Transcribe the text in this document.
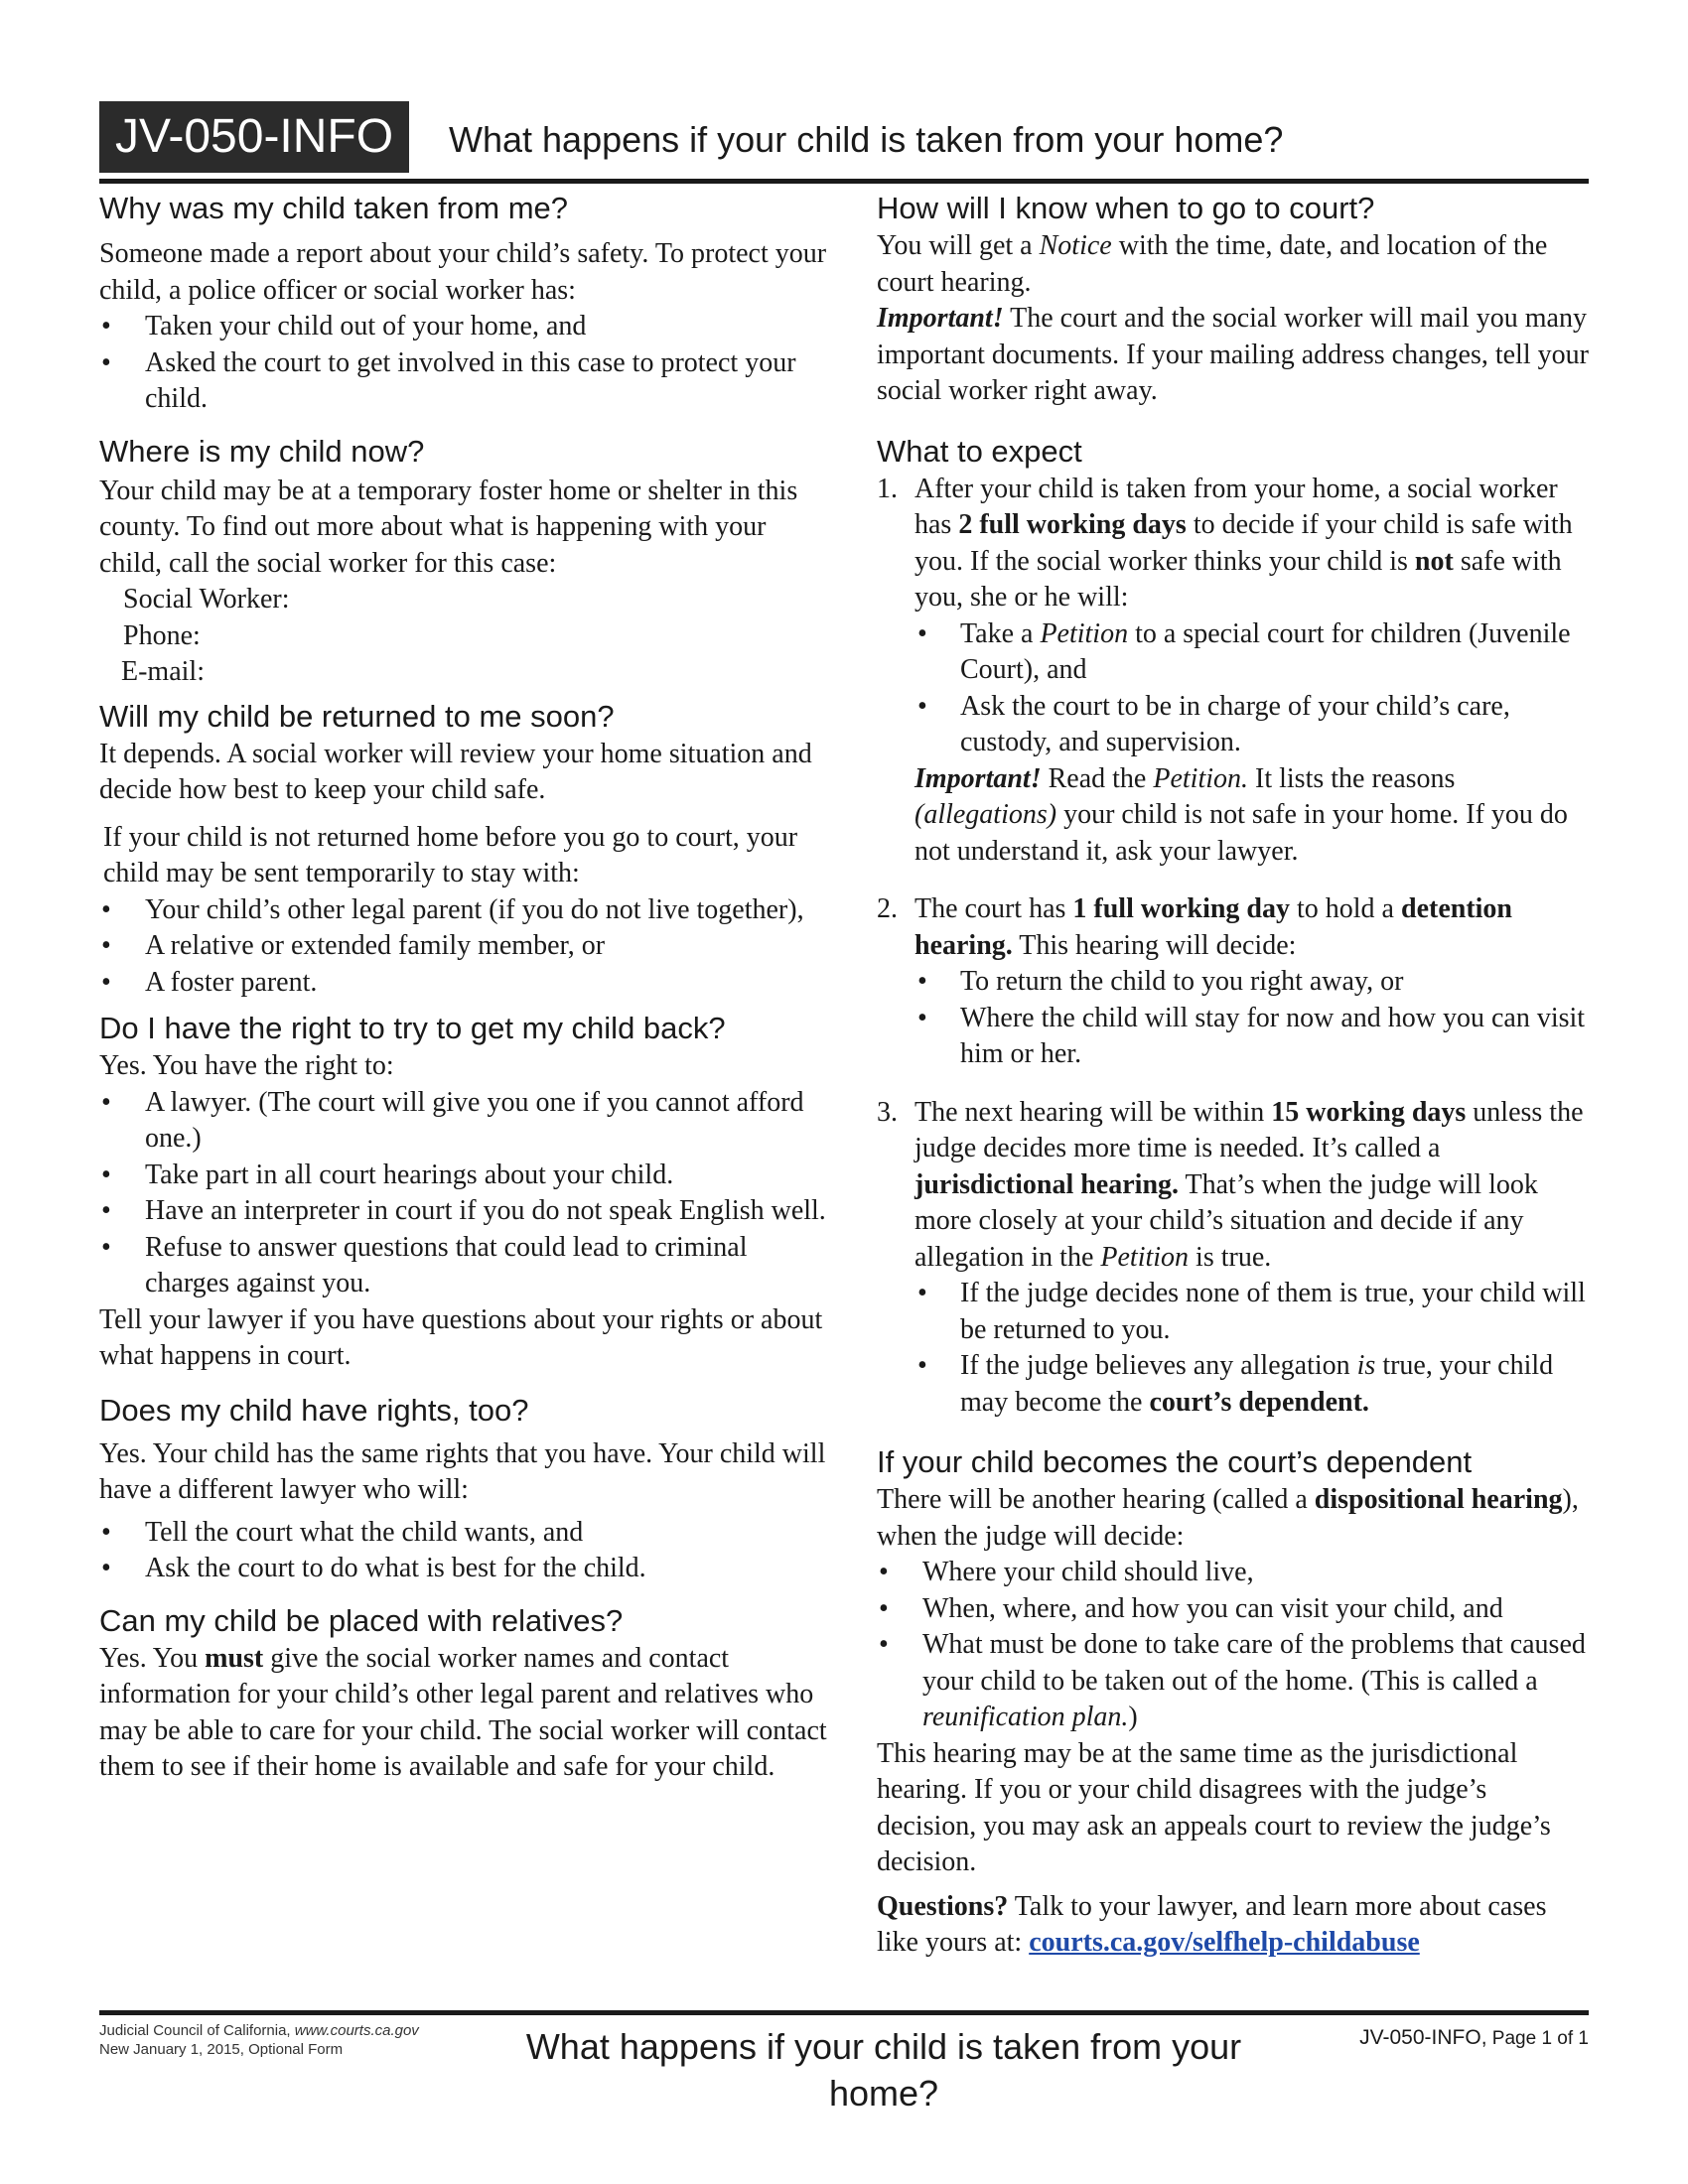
JV-050-INFO	What happens if your child is taken from your home?
Why was my child taken from me?

Someone made a report about your child’s safety. To protect your child, a police officer or social worker has:

• Taken your child out of your home, and
• Asked the court to get involved in this case to protect your child.
Where is my child now?

Your child may be at a temporary foster home or shelter in this county. To find out more about what is happening with your child, call the social worker for this case:

Social Worker:
Phone:
E-mail:
Will my child be returned to me soon?

It depends. A social worker will review your home situation and decide how best to keep your child safe.

If your child is not returned home before you go to court, your child may be sent temporarily to stay with:

• Your child’s other legal parent (if you do not live together),
• A relative or extended family member, or
• A foster parent.
Do I have the right to try to get my child back?

Yes. You have the right to:

• A lawyer. (The court will give you one if you cannot afford one.)
• Take part in all court hearings about your child.
• Have an interpreter in court if you do not speak English well.
• Refuse to answer questions that could lead to criminal charges against you.

Tell your lawyer if you have questions about your rights or about what happens in court.

Does my child have rights, too?

Yes. Your child has the same rights that you have. Your child will have a different lawyer who will:

• Tell the court what the child wants, and
• Ask the court to do what is best for the child.
Can my child be placed with relatives?

Yes. You must give the social worker names and contact information for your child’s other legal parent and relatives who may be able to care for your child. The social worker will contact them to see if their home is available and safe for your child.

How will I know when to go to court?

You will get a Notice with the time, date, and location of the court hearing.

Important! The court and the social worker will mail you many important documents. If your mailing address changes, tell your social worker right away.

What to expect
1. After your child is taken from your home, a social worker has 2 full working days to decide if your child is safe with you. If the social worker thinks your child is not safe with you, she or he will:

• Take a Petition to a special court for children (Juvenile Court), and
• Ask the court to be in charge of your child’s care, custody, and supervision.

Important! Read the Petition. It lists the reasons (allegations) your child is not safe in your home. If you do not understand it, ask your lawyer.

2. The court has 1 full working day to hold a detention hearing. This hearing will decide:

• To return the child to you right away, or
• Where the child will stay for now and how you can visit him or her.
3. The next hearing will be within 15 working days unless the judge decides more time is needed. It’s called a jurisdictional hearing. That’s when the judge will look more closely at your child’s situation and decide if any allegation in the Petition is true.

• If the judge decides none of them is true, your child will be returned to you.
• If the judge believes any allegation is true, your child may become the court’s dependent.
If your child becomes the court’s dependent

There will be another hearing (called a dispositional hearing), when the judge will decide:

• Where your child should live,
• When, where, and how you can visit your child, and
• What must be done to take care of the problems that caused your child to be taken out of the home. (This is called a reunification plan.)

This hearing may be at the same time as the jurisdictional hearing. If you or your child disagrees with the judge’s decision, you may ask an appeals court to review the judge’s decision.

Questions? Talk to your lawyer, and learn more about cases like yours at: courts.ca.gov/selfhelp-childabuse

Judicial Council of California, www.courts.ca.gov
New January 1, 2015, Optional Form	What happens if your child is taken from your home?
JV-050-INFO, Page 1 of 1
